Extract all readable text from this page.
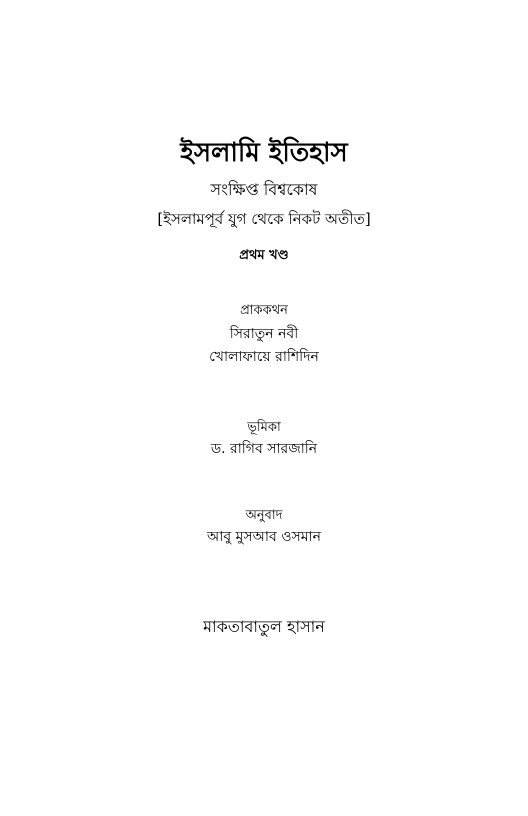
ইসলামি ইতিহাস
সংক্ষিপ্ত বিশ্বকোষ
[ইসলামপূর্ব যুগ থেকে নিকট অতীত]
প্রথম খণ্ড
প্রাককথন
সিরাতুন নবী
খোলাফায়ে রাশিদিন
ভূমিকা
ড. রাগিব সারজানি
অনুবাদ
আবু মুসআব ওসমান
মাকতাবাতুল হাসান
